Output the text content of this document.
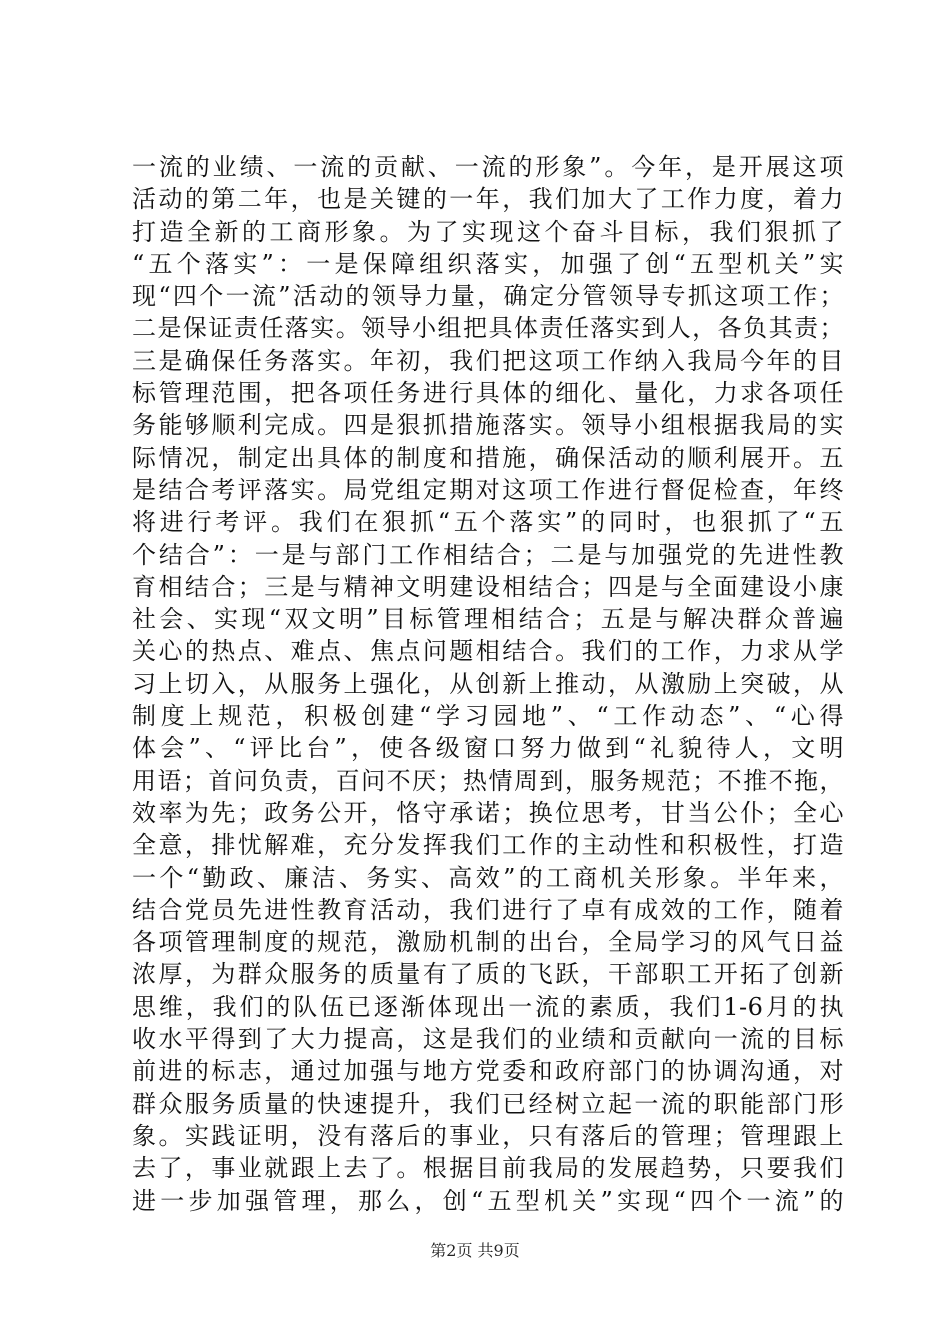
一流的业绩、一流的贡献、一流的形象”。今年，是开展这项
活动的第二年，也是关键的一年，我们加大了工作力度，着力
打造全新的工商形象。为了实现这个奋斗目标，我们狠抓了
“五个落实”：一是保障组织落实，加强了创“五型机关”实
现“四个一流”活动的领导力量，确定分管领导专抓这项工作；
二是保证责任落实。领导小组把具体责任落实到人，各负其责；
三是确保任务落实。年初，我们把这项工作纳入我局今年的目
标管理范围，把各项任务进行具体的细化、量化，力求各项任
务能够顺利完成。四是狠抓措施落实。领导小组根据我局的实
际情况，制定出具体的制度和措施，确保活动的顺利展开。五
是结合考评落实。局党组定期对这项工作进行督促检查，年终
将进行考评。我们在狠抓“五个落实”的同时，也狠抓了“五
个结合”：一是与部门工作相结合；二是与加强党的先进性教
育相结合；三是与精神文明建设相结合；四是与全面建设小康
社会、实现“双文明”目标管理相结合；五是与解决群众普遍
关心的热点、难点、焦点问题相结合。我们的工作，力求从学
习上切入，从服务上强化，从创新上推动，从激励上突破，从
制度上规范，积极创建“学习园地”、“工作动态”、“心得
体会”、“评比台”，使各级窗口努力做到“礼貌待人，文明
用语；首问负责，百问不厌；热情周到，服务规范；不推不拖，
效率为先；政务公开，恪守承诺；换位思考，甘当公仆；全心
全意，排忧解难，充分发挥我们工作的主动性和积极性，打造
一个“勤政、廉洁、务实、高效”的工商机关形象。半年来，
结合党员先进性教育活动，我们进行了卓有成效的工作，随着
各项管理制度的规范，激励机制的出台，全局学习的风气日益
浓厚，为群众服务的质量有了质的飞跃，干部职工开拓了创新
思维，我们的队伍已逐渐体现出一流的素质，我们1-6月的执
收水平得到了大力提高，这是我们的业绩和贡献向一流的目标
前进的标志，通过加强与地方党委和政府部门的协调沟通，对
群众服务质量的快速提升，我们已经树立起一流的职能部门形
象。实践证明，没有落后的事业，只有落后的管理；管理跟上
去了，事业就跟上去了。根据目前我局的发展趋势，只要我们
进一步加强管理，那么，创“五型机关”实现“四个一流”的
第2页 共9页
